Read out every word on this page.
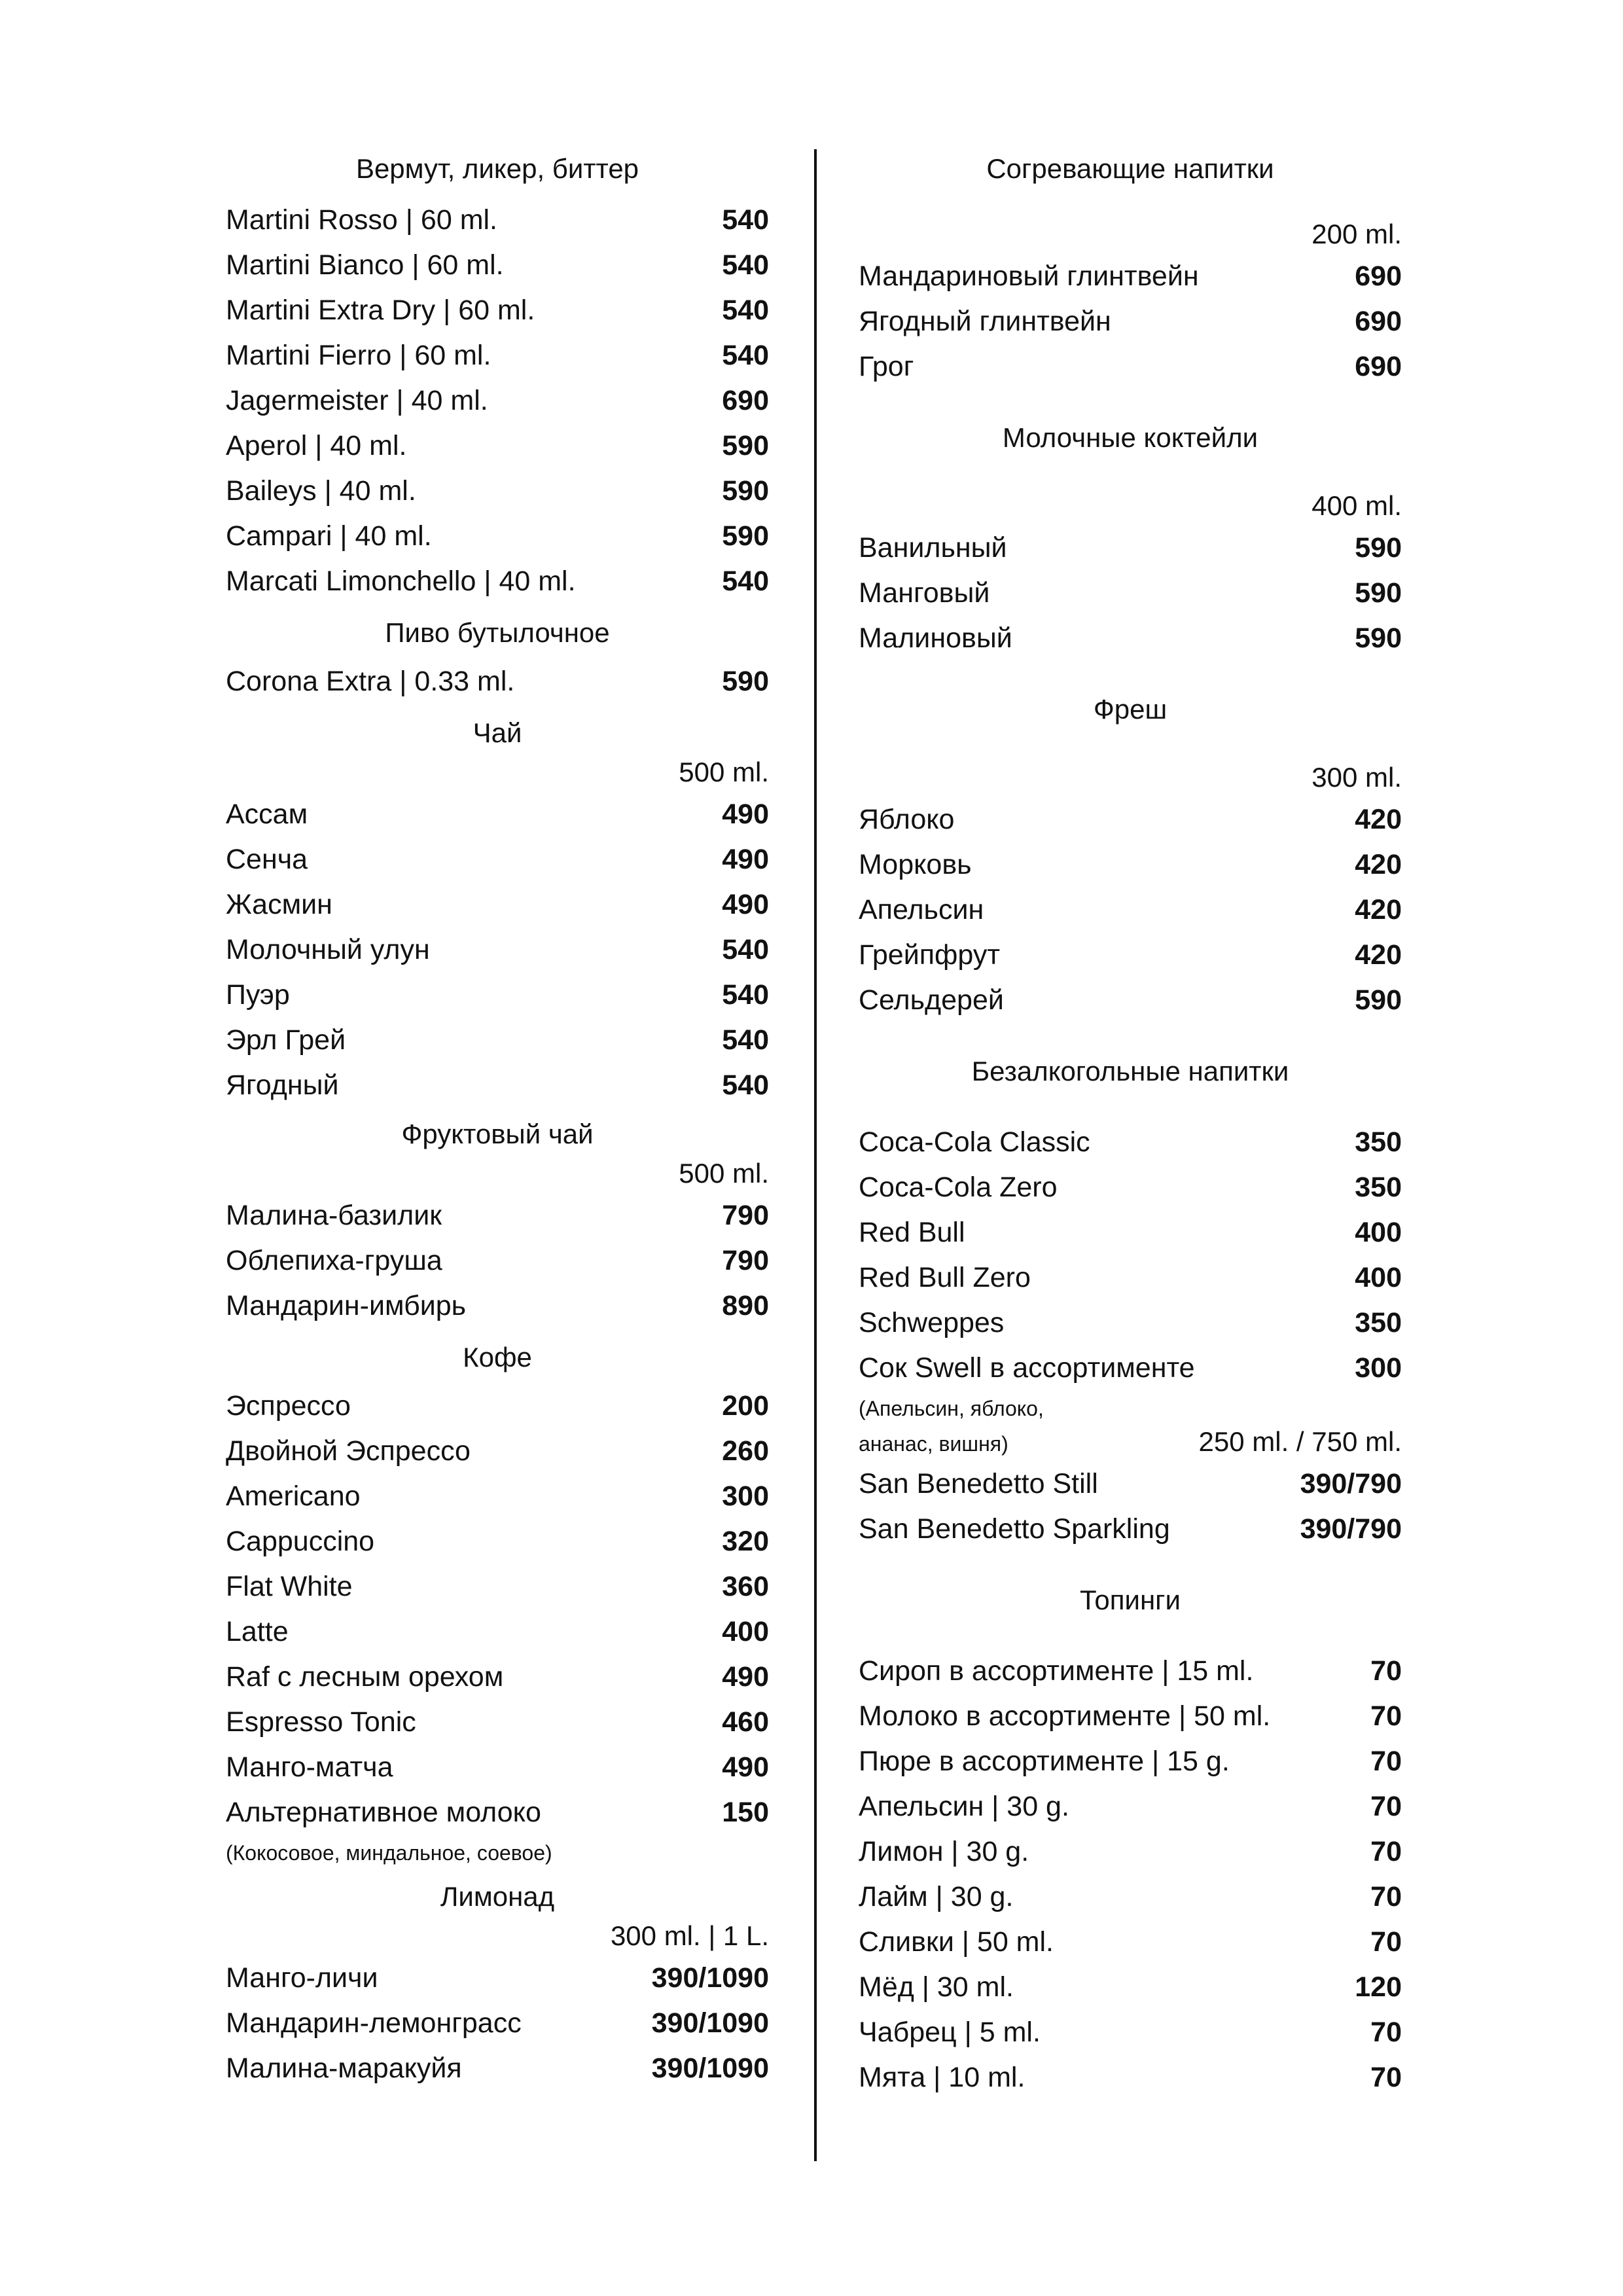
Вермут, ликер, биттер
Martini Rosso | 60 ml.	540
Martini Bianco | 60 ml.	540
Martini Extra Dry | 60 ml.	540
Martini Fierro | 60 ml.	540
Jagermeister | 40 ml.	690
Aperol | 40 ml.	590
Baileys | 40 ml.	590
Campari | 40 ml.	590
Marcati Limonchello | 40 ml.	540
Пиво бутылочное
Corona Extra | 0.33 ml.	590
Чай
500 ml.
Ассам	490
Сенча	490
Жасмин	490
Молочный улун	540
Пуэр	540
Эрл Грей	540
Ягодный	540
Фруктовый чай
500 ml.
Малина-базилик	790
Облепиха-груша	790
Мандарин-имбирь	890
Кофе
Эспрессо	200
Двойной Эспрессо	260
Americano	300
Cappuccino	320
Flat White	360
Latte	400
Raf с лесным орехом	490
Espresso Tonic	460
Манго-матча	490
Альтернативное молоко	150
(Кокосовое, миндальное, соевое)
Лимонад
300 ml. | 1 L.
Манго-личи	390/1090
Мандарин-лемонграсс	390/1090
Малина-маракуйя	390/1090
Согревающие напитки
200 ml.
Мандариновый глинтвейн	690
Ягодный глинтвейн	690
Грог	690
Молочные коктейли
400 ml.
Ванильный	590
Манговый	590
Малиновый	590
Фреш
300 ml.
Яблоко	420
Морковь	420
Апельсин	420
Грейпфрут	420
Сельдерей	590
Безалкогольные напитки
Coca-Cola Classic	350
Coca-Cola Zero	350
Red Bull	400
Red Bull Zero	400
Schweppes	350
Сок Swell в ассортименте	300
(Апельсин, яблоко,
ананас, вишня)	250 ml. / 750 ml.
San Benedetto Still	390/790
San Benedetto Sparkling	390/790
Топинги
Сироп в ассортименте | 15 ml.	70
Молоко в ассортименте | 50 ml.	70
Пюре в ассортименте | 15 g.	70
Апельсин | 30 g.	70
Лимон | 30 g.	70
Лайм | 30 g.	70
Сливки | 50 ml.	70
Мёд | 30 ml.	120
Чабрец | 5 ml.	70
Мята | 10 ml.	70
